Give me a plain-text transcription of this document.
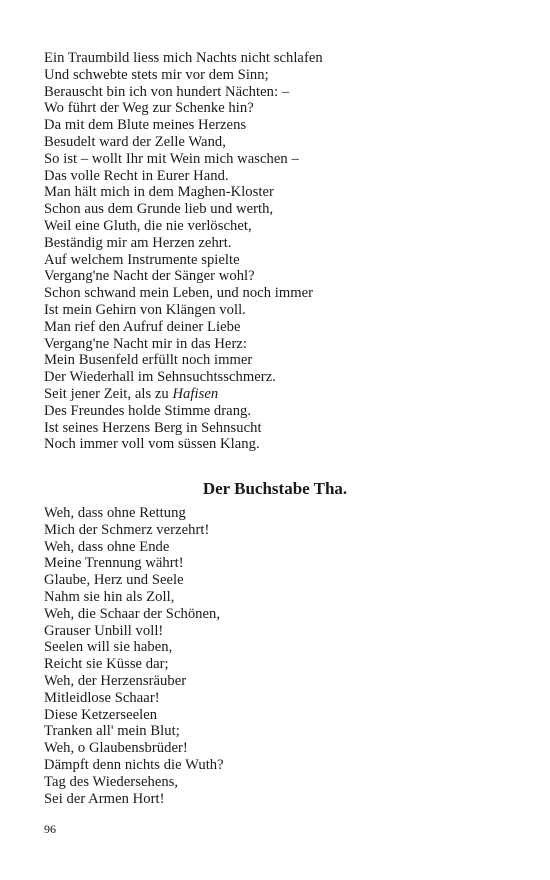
Ein Traumbild liess mich Nachts nicht schlafen
Und schwebte stets mir vor dem Sinn;
Berauscht bin ich von hundert Nächten: –
Wo führt der Weg zur Schenke hin?
Da mit dem Blute meines Herzens
Besudelt ward der Zelle Wand,
So ist – wollt Ihr mit Wein mich waschen –
Das volle Recht in Eurer Hand.
Man hält mich in dem Maghen-Kloster
Schon aus dem Grunde lieb und werth,
Weil eine Gluth, die nie verlöschet,
Beständig mir am Herzen zehrt.
Auf welchem Instrumente spielte
Vergang'ne Nacht der Sänger wohl?
Schon schwand mein Leben, und noch immer
Ist mein Gehirn von Klängen voll.
Man rief den Aufruf deiner Liebe
Vergang'ne Nacht mir in das Herz:
Mein Busenfeld erfüllt noch immer
Der Wiederhall im Sehnsuchtsschmerz.
Seit jener Zeit, als zu Hafisen
Des Freundes holde Stimme drang.
Ist seines Herzens Berg in Sehnsucht
Noch immer voll vom süssen Klang.
Der Buchstabe Tha.
Weh, dass ohne Rettung
Mich der Schmerz verzehrt!
Weh, dass ohne Ende
Meine Trennung währt!
Glaube, Herz und Seele
Nahm sie hin als Zoll,
Weh, die Schaar der Schönen,
Grauser Unbill voll!
Seelen will sie haben,
Reicht sie Küsse dar;
Weh, der Herzensräuber
Mitleidlose Schaar!
Diese Ketzerseelen
Tranken all' mein Blut;
Weh, o Glaubensbrüder!
Dämpft denn nichts die Wuth?
Tag des Wiedersehens,
Sei der Armen Hort!
96
